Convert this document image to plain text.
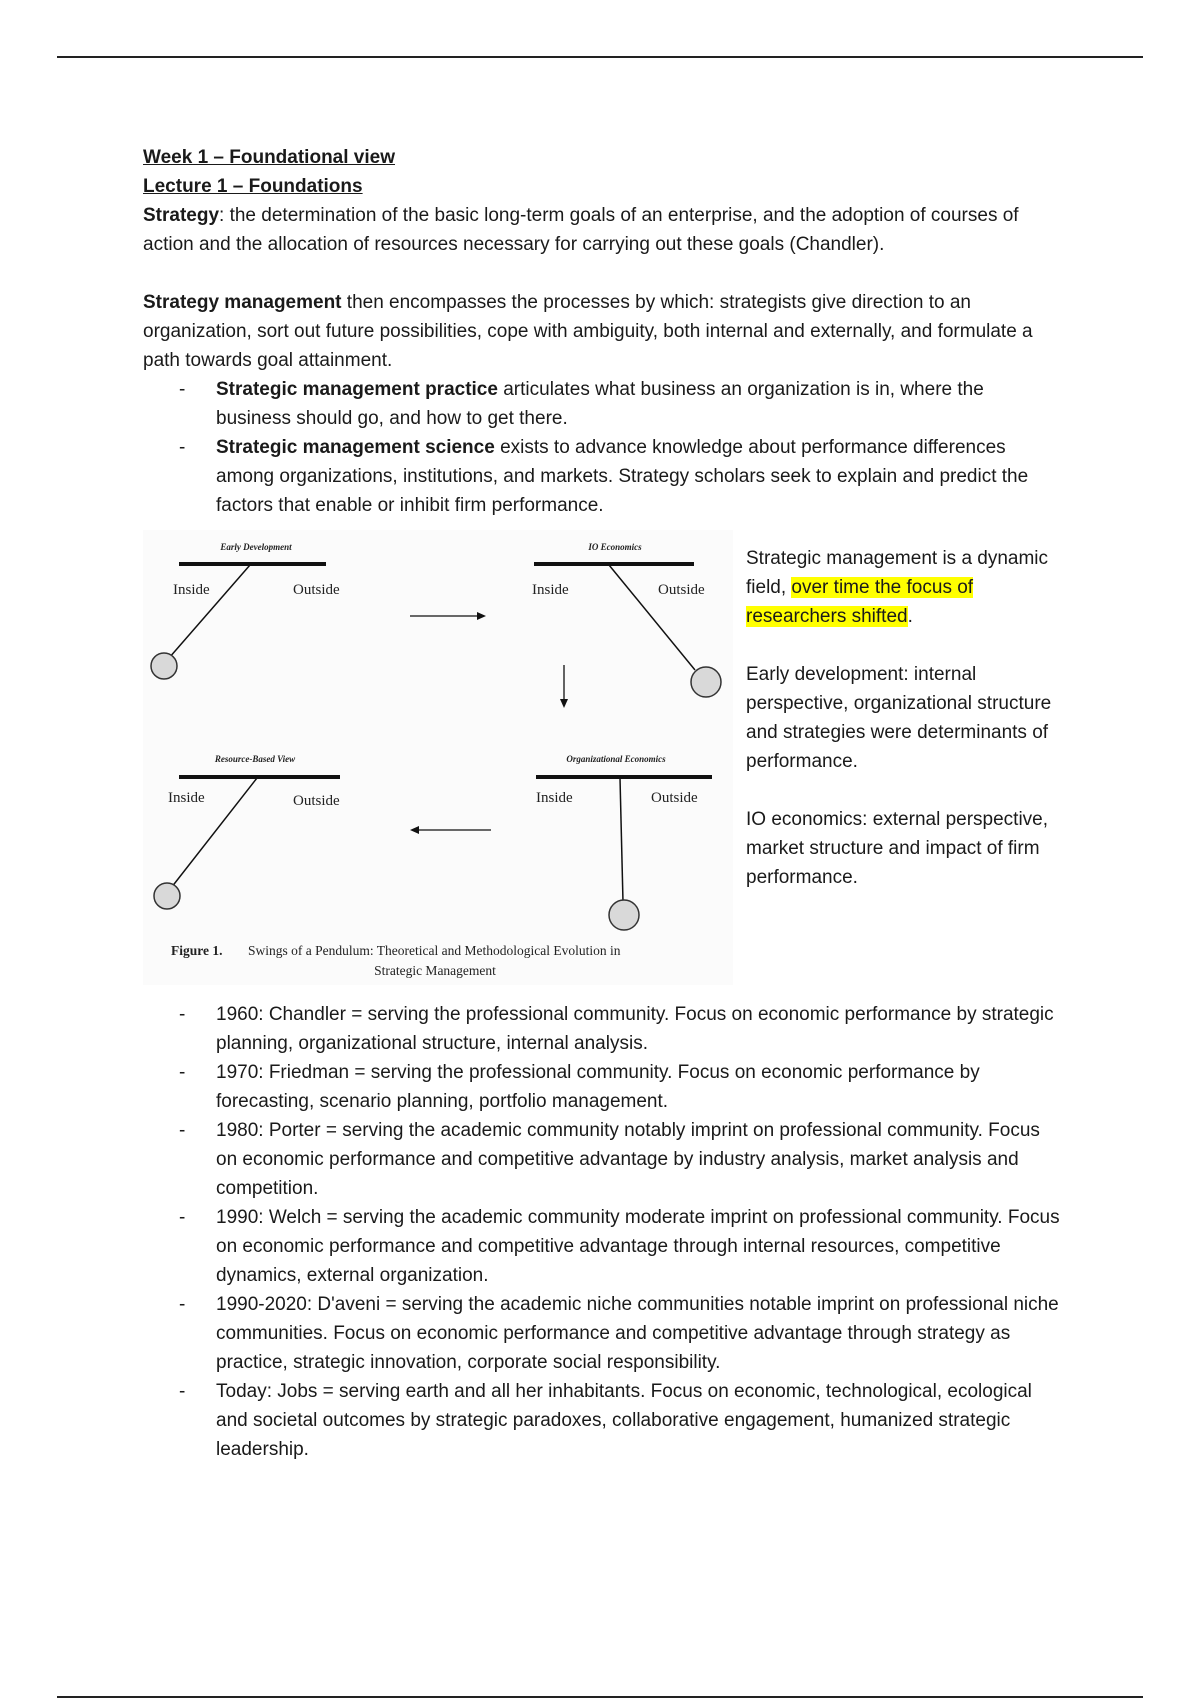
Week 1 – Foundational view

Lecture 1 – Foundations

Strategy: the determination of the basic long-term goals of an enterprise, and the adoption of courses of action and the allocation of resources necessary for carrying out these goals (Chandler).

Strategy management then encompasses the processes by which: strategists give direction to an organization, sort out future possibilities, cope with ambiguity, both internal and externally, and formulate a path towards goal attainment.

- Strategic management practice articulates what business an organization is in, where the business should go, and how to get there.
- Strategic management science exists to advance knowledge about performance differences among organizations, institutions, and markets. Strategy scholars seek to explain and predict the factors that enable or inhibit firm performance.
Early Development
Inside	Outside
IO Economics
Inside	Outside
Resource-Based View
Inside	Outside
Organizational Economics
Inside	Outside
Figure 1. Swings of a Pendulum: Theoretical and Methodological Evolution in
Strategic Management

Strategic management is a dynamic field, over time the focus of researchers shifted.

Early development: internal perspective, organizational structure and strategies were determinants of performance.

IO economics: external perspective, market structure and impact of firm performance.

- 1960: Chandler = serving the professional community. Focus on economic performance by strategic planning, organizational structure, internal analysis.
- 1970: Friedman = serving the professional community. Focus on economic performance by forecasting, scenario planning, portfolio management.
- 1980: Porter = serving the academic community notably imprint on professional community. Focus on economic performance and competitive advantage by industry analysis, market analysis and competition.
- 1990: Welch = serving the academic community moderate imprint on professional community. Focus on economic performance and competitive advantage through internal resources, competitive dynamics, external organization.
- 1990-2020: D'aveni = serving the academic niche communities notable imprint on professional niche communities. Focus on economic performance and competitive advantage through strategy as practice, strategic innovation, corporate social responsibility.
- Today: Jobs = serving earth and all her inhabitants. Focus on economic, technological, ecological and societal outcomes by strategic paradoxes, collaborative engagement, humanized strategic leadership.
